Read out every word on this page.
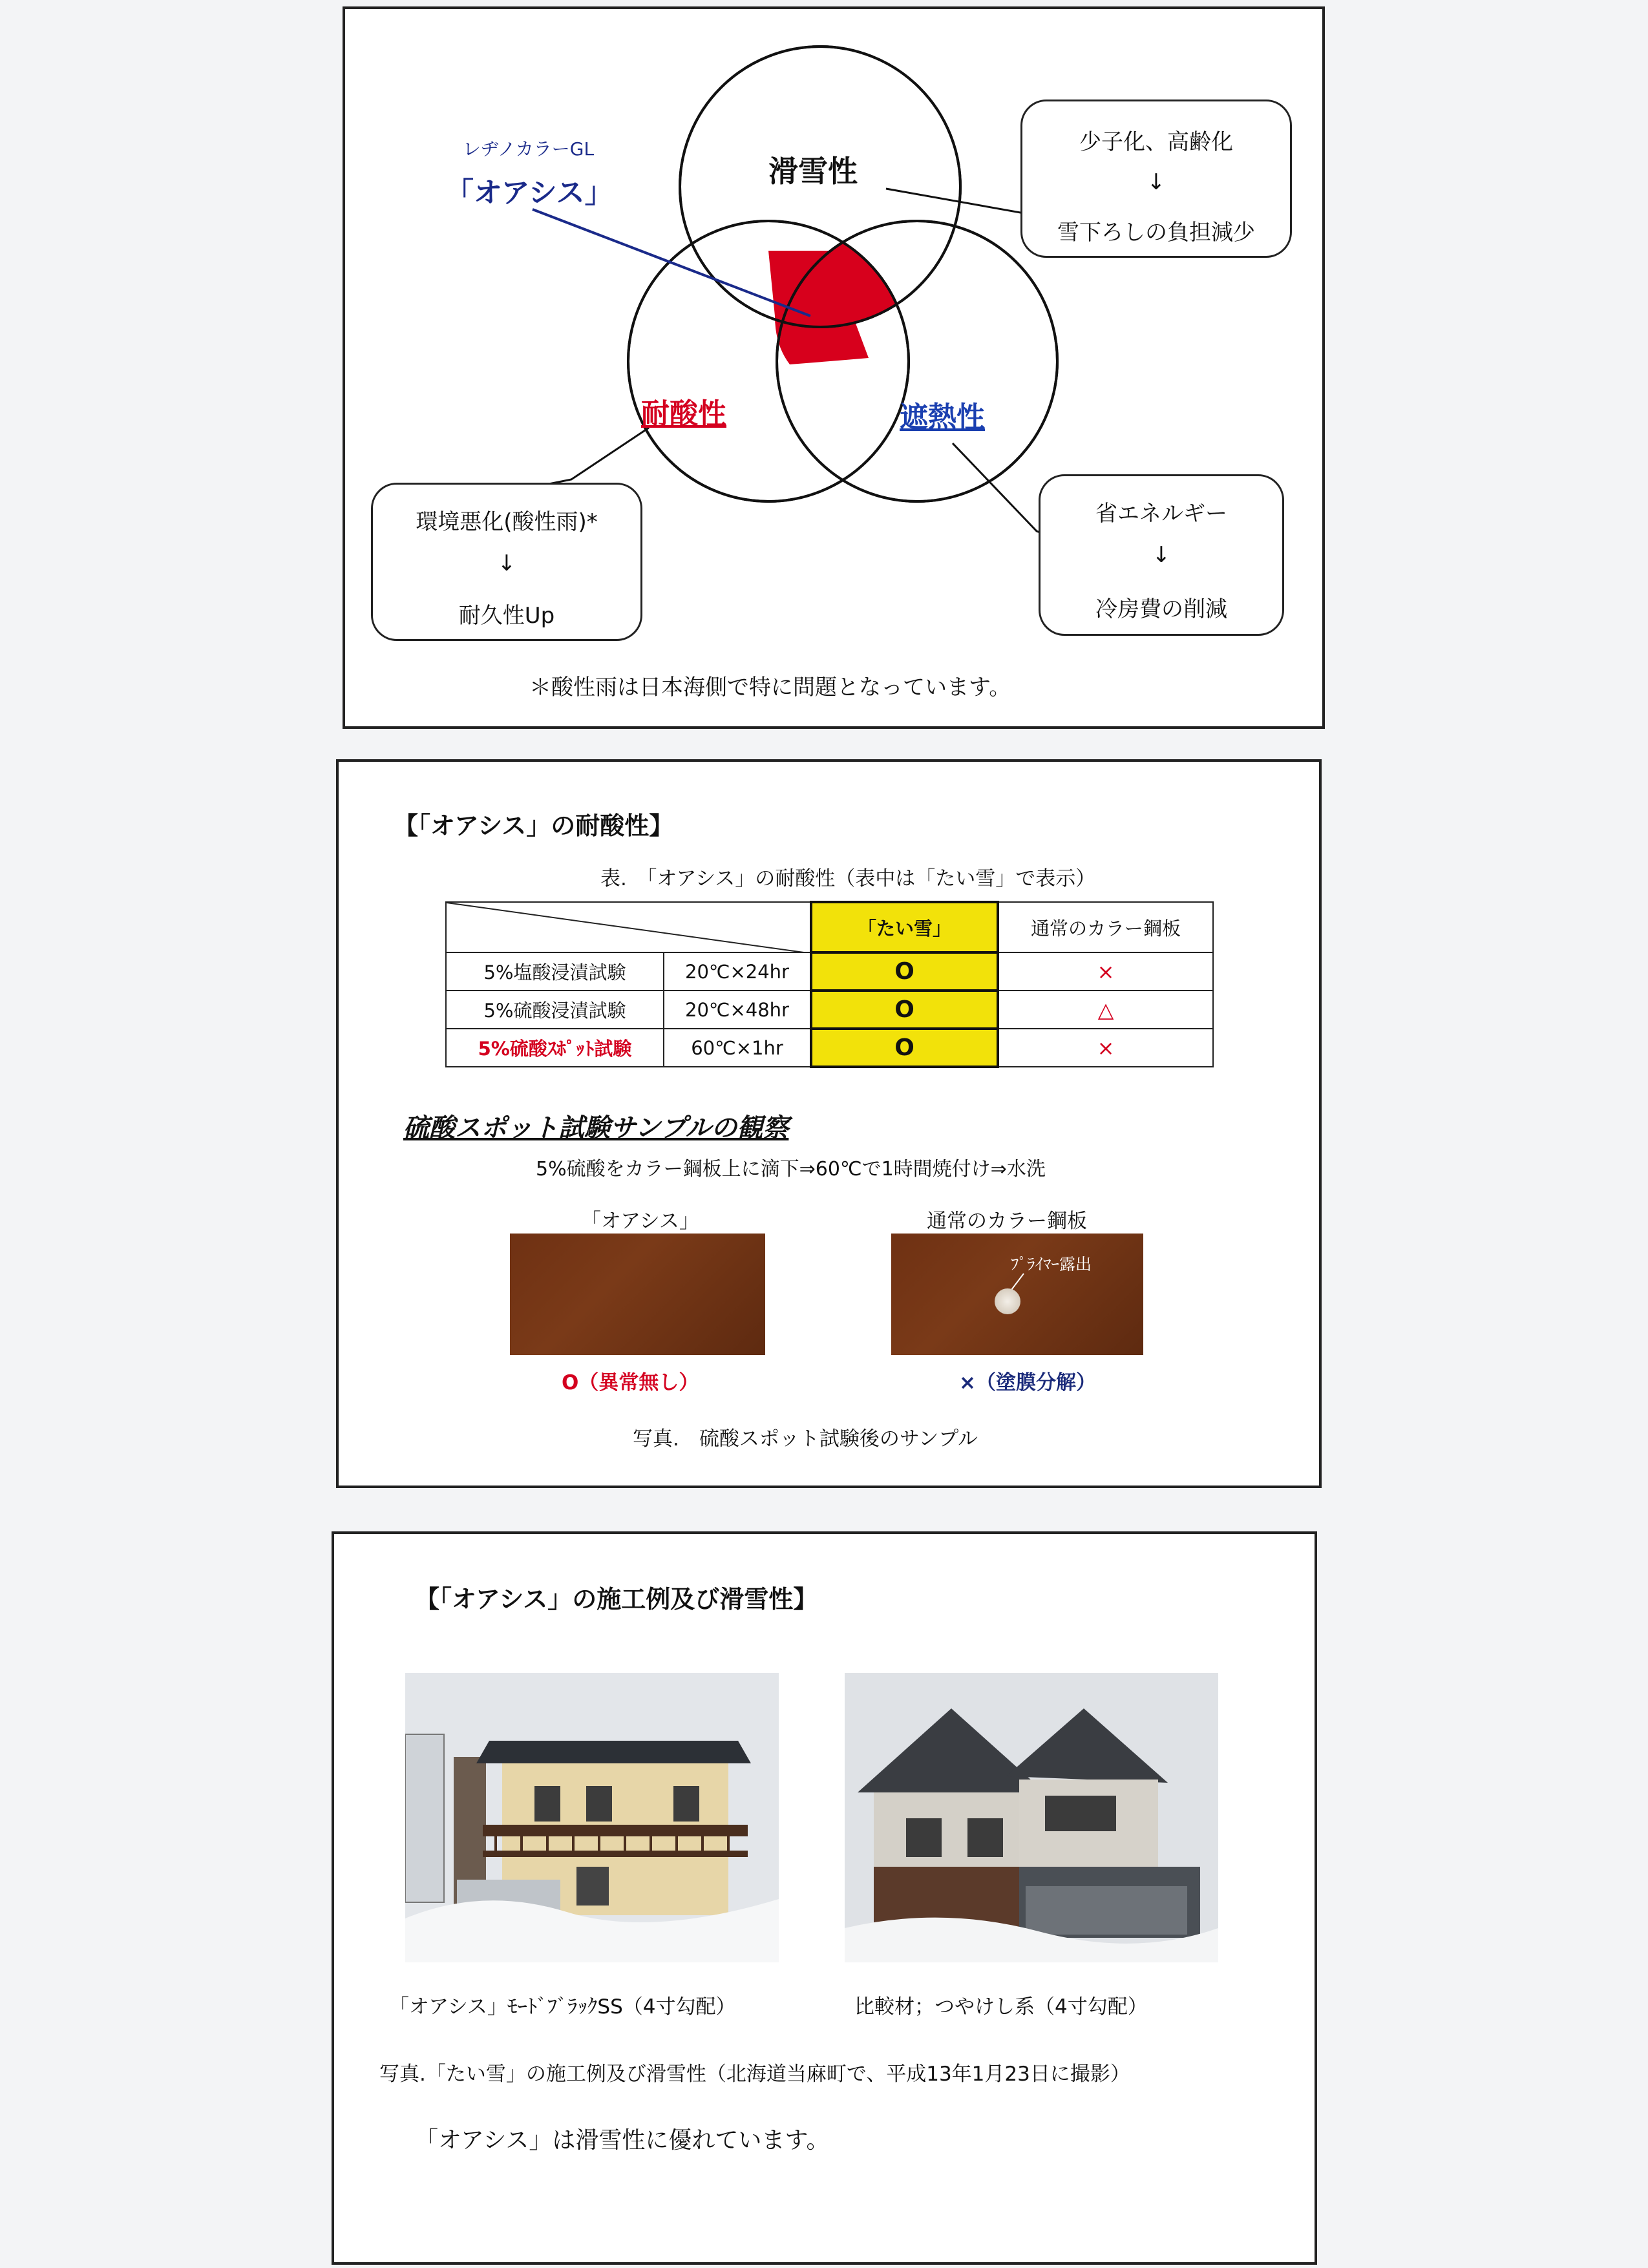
レヂノカラーGL
「オアシス」
滑雪性
耐酸性	遮熱性
少子化、高齢化
↓
雪下ろしの負担減少
環境悪化(酸性雨)*
↓
耐久性Up
省エネルギー
↓
冷房費の削減
＊酸性雨は日本海側で特に問題となっています。
【「オアシス」の耐酸性】
表.　「オアシス」の耐酸性（表中は「たい雪」で表示）
	「たい雪」	通常のカラー鋼板
5%塩酸浸漬試験	20℃×24hr	O	×
5%硫酸浸漬試験	20℃×48hr	O	△
5%硫酸ｽﾎﾟｯﾄ試験	60℃×1hr	O	×
硫酸スポット試験サンプルの観察
5%硫酸をカラー鋼板上に滴下⇒60℃で1時間焼付け⇒水洗
「オアシス」	通常のカラー鋼板
ﾌﾟﾗｲﾏｰ露出
O（異常無し）	×（塗膜分解）
写真.　硫酸スポット試験後のサンプル
【「オアシス」の施工例及び滑雪性】
「オアシス」ﾓｰﾄﾞﾌﾞﾗｯｸSS（4寸勾配）	比較材；つやけし系（4寸勾配）
写真.「たい雪」の施工例及び滑雪性（北海道当麻町で、平成13年1月23日に撮影）
「オアシス」は滑雪性に優れています。
